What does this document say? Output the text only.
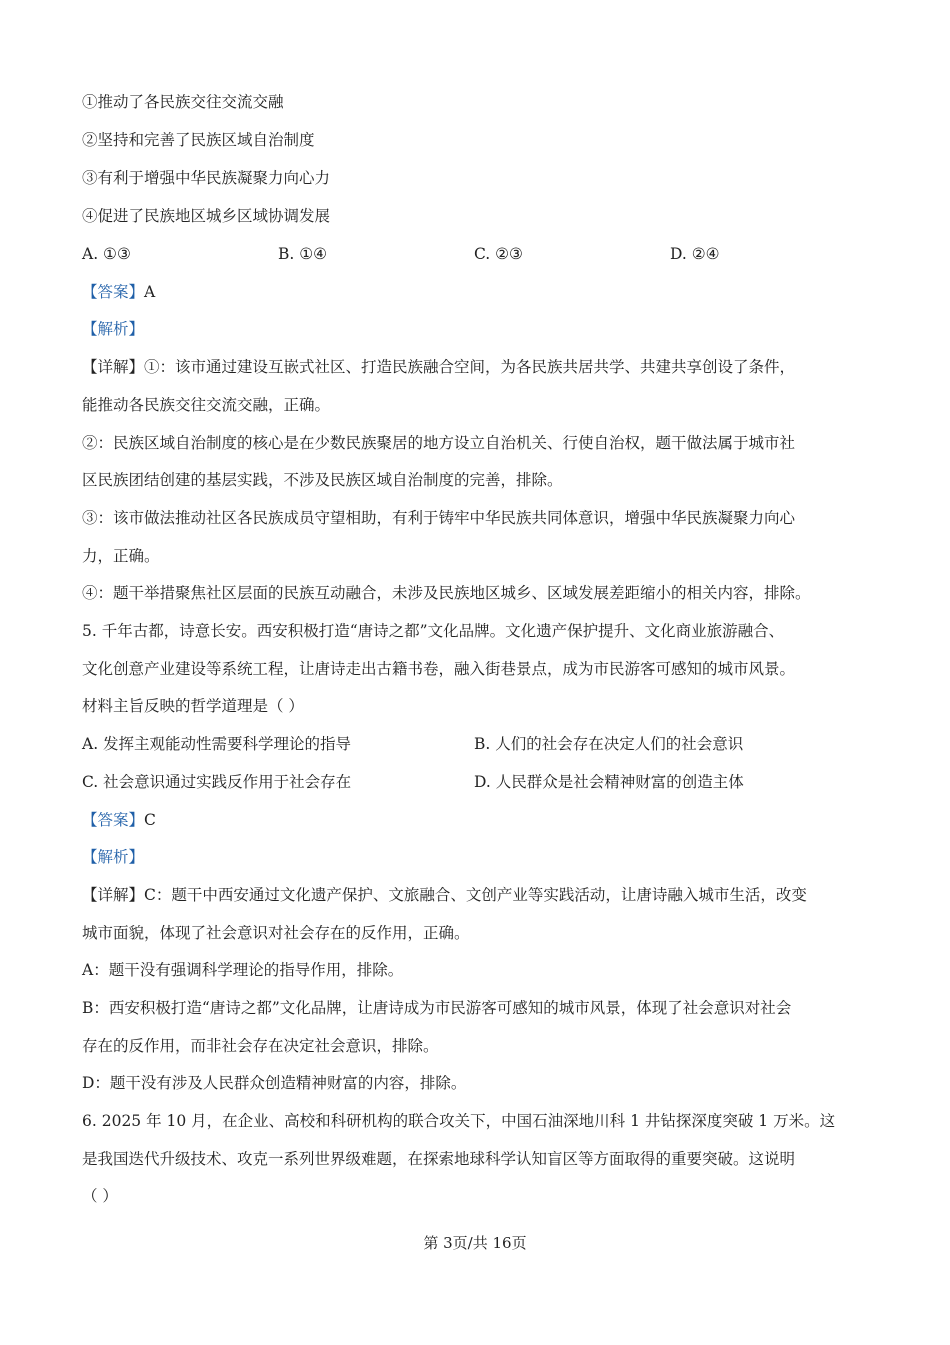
①推动了各民族交往交流交融
②坚持和完善了民族区域自治制度
③有利于增强中华民族凝聚力向心力
④促进了民族地区城乡区域协调发展
A. ①③	B. ①④	C. ②③	D. ②④
【答案】A
【解析】
【详解】①：该市通过建设互嵌式社区、打造民族融合空间，为各民族共居共学、共建共享创设了条件，
能推动各民族交往交流交融，正确。
②：民族区域自治制度的核心是在少数民族聚居的地方设立自治机关、行使自治权，题干做法属于城市社
区民族团结创建的基层实践，不涉及民族区域自治制度的完善，排除。
③：该市做法推动社区各民族成员守望相助，有利于铸牢中华民族共同体意识，增强中华民族凝聚力向心
力，正确。
④：题干举措聚焦社区层面的民族互动融合，未涉及民族地区城乡、区域发展差距缩小的相关内容，排除。
5. 千年古都，诗意长安。西安积极打造“唐诗之都”文化品牌。文化遗产保护提升、文化商业旅游融合、
文化创意产业建设等系统工程，让唐诗走出古籍书卷，融入街巷景点，成为市民游客可感知的城市风景。
材料主旨反映的哲学道理是（ ）
A. 发挥主观能动性需要科学理论的指导	B. 人们的社会存在决定人们的社会意识
C. 社会意识通过实践反作用于社会存在	D. 人民群众是社会精神财富的创造主体
【答案】C
【解析】
【详解】C：题干中西安通过文化遗产保护、文旅融合、文创产业等实践活动，让唐诗融入城市生活，改变
城市面貌，体现了社会意识对社会存在的反作用，正确。
A：题干没有强调科学理论的指导作用，排除。
B：西安积极打造“唐诗之都”文化品牌，让唐诗成为市民游客可感知的城市风景，体现了社会意识对社会
存在的反作用，而非社会存在决定社会意识，排除。
D：题干没有涉及人民群众创造精神财富的内容，排除。
6. 2025 年 10 月，在企业、高校和科研机构的联合攻关下，中国石油深地川科 1 井钻探深度突破 1 万米。这
是我国迭代升级技术、攻克一系列世界级难题，在探索地球科学认知盲区等方面取得的重要突破。这说明
（ ）
第 3页/共 16页
